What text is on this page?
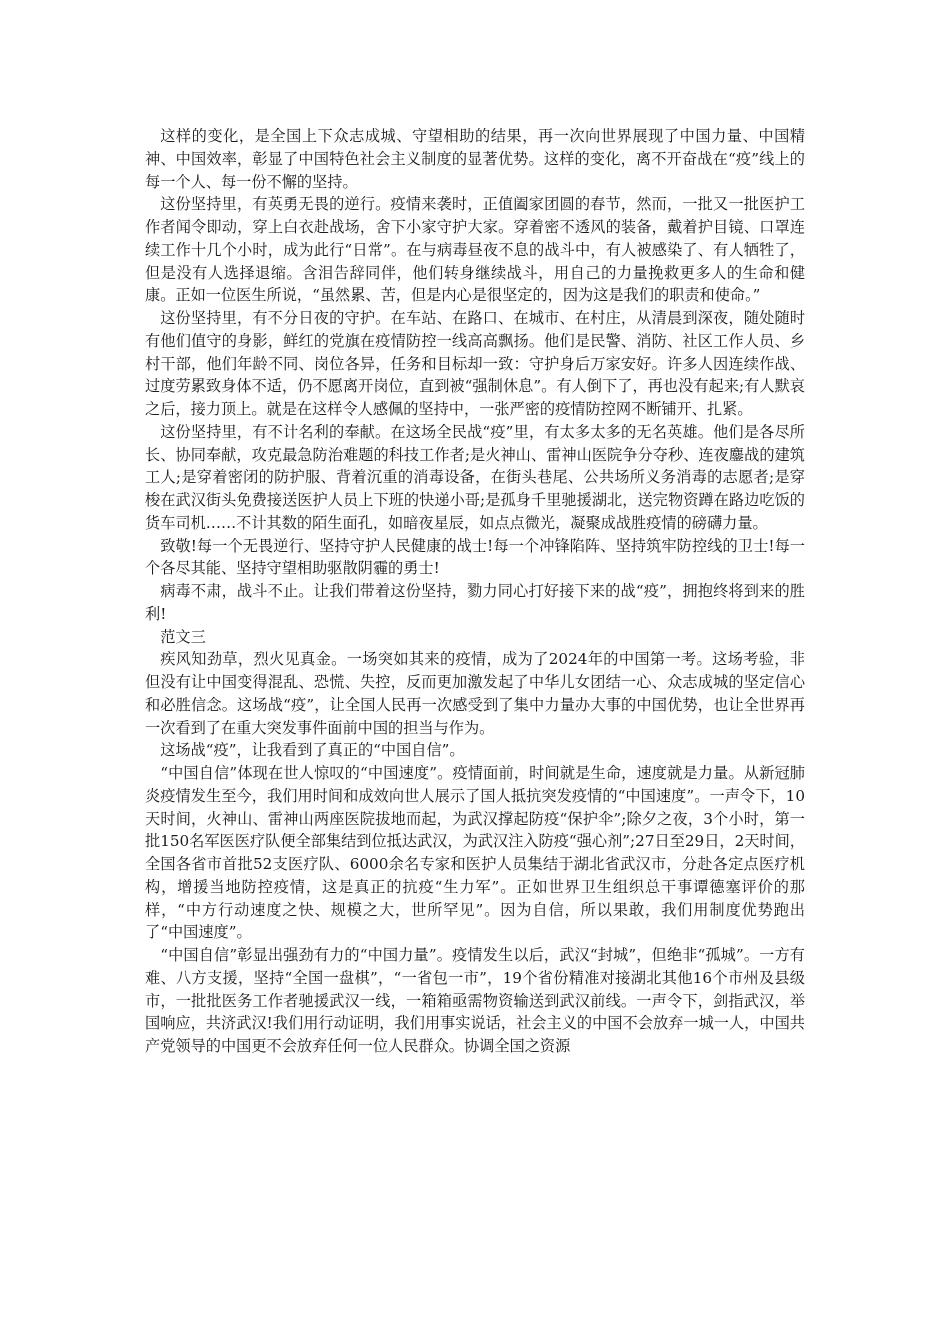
这样的变化，是全国上下众志成城、守望相助的结果，再一次向世界展现了中国力量、中国精神、中国效率，彰显了中国特色社会主义制度的显著优势。这样的变化，离不开奋战在“疫”线上的每一个人、每一份不懈的坚持。

这份坚持里，有英勇无畏的逆行。疫情来袭时，正值阖家团圆的春节，然而，一批又一批医护工作者闻令即动，穿上白衣赴战场，舍下小家守护大家。穿着密不透风的装备，戴着护目镜、口罩连续工作十几个小时，成为此行“日常”。在与病毒昼夜不息的战斗中，有人被感染了、有人牺牲了，但是没有人选择退缩。含泪告辞同伴，他们转身继续战斗，用自己的力量挽救更多人的生命和健康。正如一位医生所说，“虽然累、苦，但是内心是很坚定的，因为这是我们的职责和使命。”

这份坚持里，有不分日夜的守护。在车站、在路口、在城市、在村庄，从清晨到深夜，随处随时有他们值守的身影，鲜红的党旗在疫情防控一线高高飘扬。他们是民警、消防、社区工作人员、乡村干部，他们年龄不同、岗位各异，任务和目标却一致：守护身后万家安好。许多人因连续作战、过度劳累致身体不适，仍不愿离开岗位，直到被“强制休息”。有人倒下了，再也没有起来;有人默哀之后，接力顶上。就是在这样令人感佩的坚持中，一张严密的疫情防控网不断铺开、扎紧。

这份坚持里，有不计名利的奉献。在这场全民战“疫”里，有太多太多的无名英雄。他们是各尽所长、协同奉献，攻克最急防治难题的科技工作者;是火神山、雷神山医院争分夺秒、连夜鏖战的建筑工人;是穿着密闭的防护服、背着沉重的消毒设备，在街头巷尾、公共场所义务消毒的志愿者;是穿梭在武汉街头免费接送医护人员上下班的快递小哥;是孤身千里驰援湖北，送完物资蹲在路边吃饭的货车司机……不计其数的陌生面孔，如暗夜星辰，如点点微光，凝聚成战胜疫情的磅礴力量。

致敬!每一个无畏逆行、坚持守护人民健康的战士!每一个冲锋陷阵、坚持筑牢防控线的卫士!每一个各尽其能、坚持守望相助驱散阴霾的勇士!

病毒不肃，战斗不止。让我们带着这份坚持，勠力同心打好接下来的战“疫”，拥抱终将到来的胜利!

范文三

疾风知劲草，烈火见真金。一场突如其来的疫情，成为了2024年的中国第一考。这场考验，非但没有让中国变得混乱、恐慌、失控，反而更加激发起了中华儿女团结一心、众志成城的坚定信心和必胜信念。这场战“疫”，让全国人民再一次感受到了集中力量办大事的中国优势，也让全世界再一次看到了在重大突发事件面前中国的担当与作为。

这场战“疫”，让我看到了真正的“中国自信”。

“中国自信”体现在世人惊叹的“中国速度”。疫情面前，时间就是生命，速度就是力量。从新冠肺炎疫情发生至今，我们用时间和成效向世人展示了国人抵抗突发疫情的“中国速度”。一声令下，10天时间，火神山、雷神山两座医院拔地而起，为武汉撑起防疫“保护伞”;除夕之夜，3个小时，第一批150名军医医疗队便全部集结到位抵达武汉，为武汉注入防疫“强心剂”;27日至29日，2天时间，全国各省市首批52支医疗队、6000余名专家和医护人员集结于湖北省武汉市，分赴各定点医疗机构，增援当地防控疫情，这是真正的抗疫“生力军”。正如世界卫生组织总干事谭德塞评价的那样，“中方行动速度之快、规模之大，世所罕见”。因为自信，所以果敢，我们用制度优势跑出了“中国速度”。

“中国自信”彰显出强劲有力的“中国力量”。疫情发生以后，武汉“封城”，但绝非“孤城”。一方有难、八方支援，坚持“全国一盘棋”，“一省包一市”，19个省份精准对接湖北其他16个市州及县级市，一批批医务工作者驰援武汉一线，一箱箱亟需物资输送到武汉前线。一声令下，剑指武汉，举国响应，共济武汉!我们用行动证明，我们用事实说话，社会主义的中国不会放弃一城一人，中国共产党领导的中国更不会放弃任何一位人民群众。协调全国之资源
